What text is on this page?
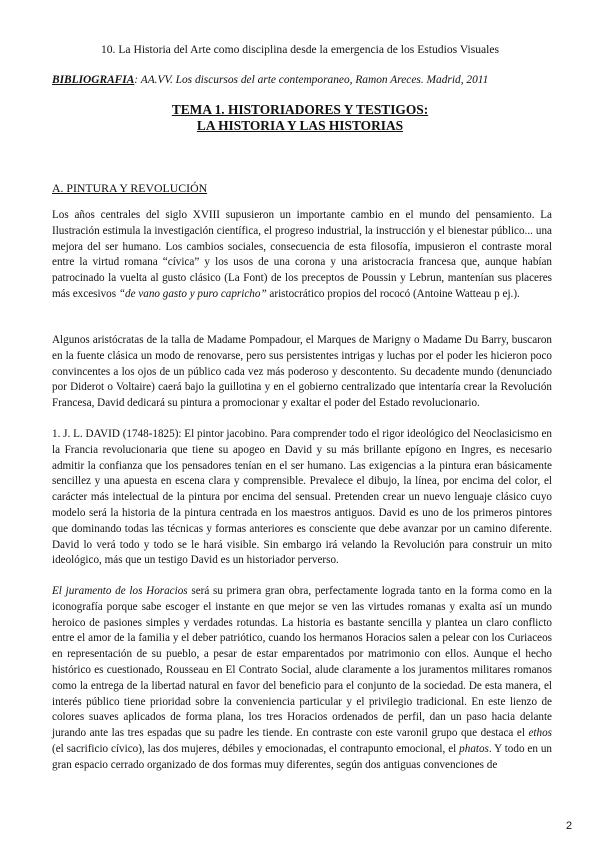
10. La Historia del Arte como disciplina desde la emergencia de los Estudios Visuales
BIBLIOGRAFIA: AA.VV. Los discursos del arte contemporaneo, Ramon Areces. Madrid, 2011
TEMA 1. HISTORIADORES Y TESTIGOS:
LA HISTORIA Y LAS HISTORIAS
A. PINTURA Y REVOLUCIÓN

Los años centrales del siglo XVIII supusieron un importante cambio en el mundo del pensamiento. La Ilustración estimula la investigación científica, el progreso industrial, la instrucción y el bienestar público... una mejora del ser humano. Los cambios sociales, consecuencia de esta filosofía, impusieron el contraste moral entre la virtud romana “cívica” y los usos de una corona y una aristocracia francesa que, aunque habían patrocinado la vuelta al gusto clásico (La Font) de los preceptos de Poussin y Lebrun, mantenían sus placeres más excesivos “de vano gasto y puro capricho” aristocrático propios del rococó (Antoine Watteau p ej.).

Algunos aristócratas de la talla de Madame Pompadour, el Marques de Marigny o Madame Du Barry, buscaron en la fuente clásica un modo de renovarse, pero sus persistentes intrigas y luchas por el poder les hicieron poco convincentes a los ojos de un público cada vez más poderoso y descontento. Su decadente mundo (denunciado por Diderot o Voltaire) caerá bajo la guillotina y en el gobierno centralizado que intentaría crear la Revolución Francesa, David dedicará su pintura a promocionar y exaltar el poder del Estado revolucionario.

1. J. L. DAVID (1748-1825): El pintor jacobino. Para comprender todo el rigor ideológico del Neoclasicismo en la Francia revolucionaria que tiene su apogeo en David y su más brillante epígono en Ingres, es necesario admitir la confianza que los pensadores tenían en el ser humano. Las exigencias a la pintura eran básicamente sencillez y una apuesta en escena clara y comprensible. Prevalece el dibujo, la línea, por encima del color, el carácter más intelectual de la pintura por encima del sensual. Pretenden crear un nuevo lenguaje clásico cuyo modelo será la historia de la pintura centrada en los maestros antiguos. David es uno de los primeros pintores que dominando todas las técnicas y formas anteriores es consciente que debe avanzar por un camino diferente. David lo verá todo y todo se le hará visible. Sin embargo irá velando la Revolución para construir un mito ideológico, más que un testigo David es un historiador perverso.

El juramento de los Horacios será su primera gran obra, perfectamente lograda tanto en la forma como en la iconografía porque sabe escoger el instante en que mejor se ven las virtudes romanas y exalta así un mundo heroico de pasiones simples y verdades rotundas. La historia es bastante sencilla y plantea un claro conflicto entre el amor de la familia y el deber patriótico, cuando los hermanos Horacios salen a pelear con los Curiaceos en representación de su pueblo, a pesar de estar emparentados por matrimonio con ellos. Aunque el hecho histórico es cuestionado, Rousseau en El Contrato Social, alude claramente a los juramentos militares romanos como la entrega de la libertad natural en favor del beneficio para el conjunto de la sociedad. De esta manera, el interés público tiene prioridad sobre la conveniencia particular y el privilegio tradicional. En este lienzo de colores suaves aplicados de forma plana, los tres Horacios ordenados de perfil, dan un paso hacia delante jurando ante las tres espadas que su padre les tiende. En contraste con este varonil grupo que destaca el ethos (el sacrificio cívico), las dos mujeres, débiles y emocionadas, el contrapunto emocional, el phatos. Y todo en un gran espacio cerrado organizado de dos formas muy diferentes, según dos antiguas convenciones de

2
